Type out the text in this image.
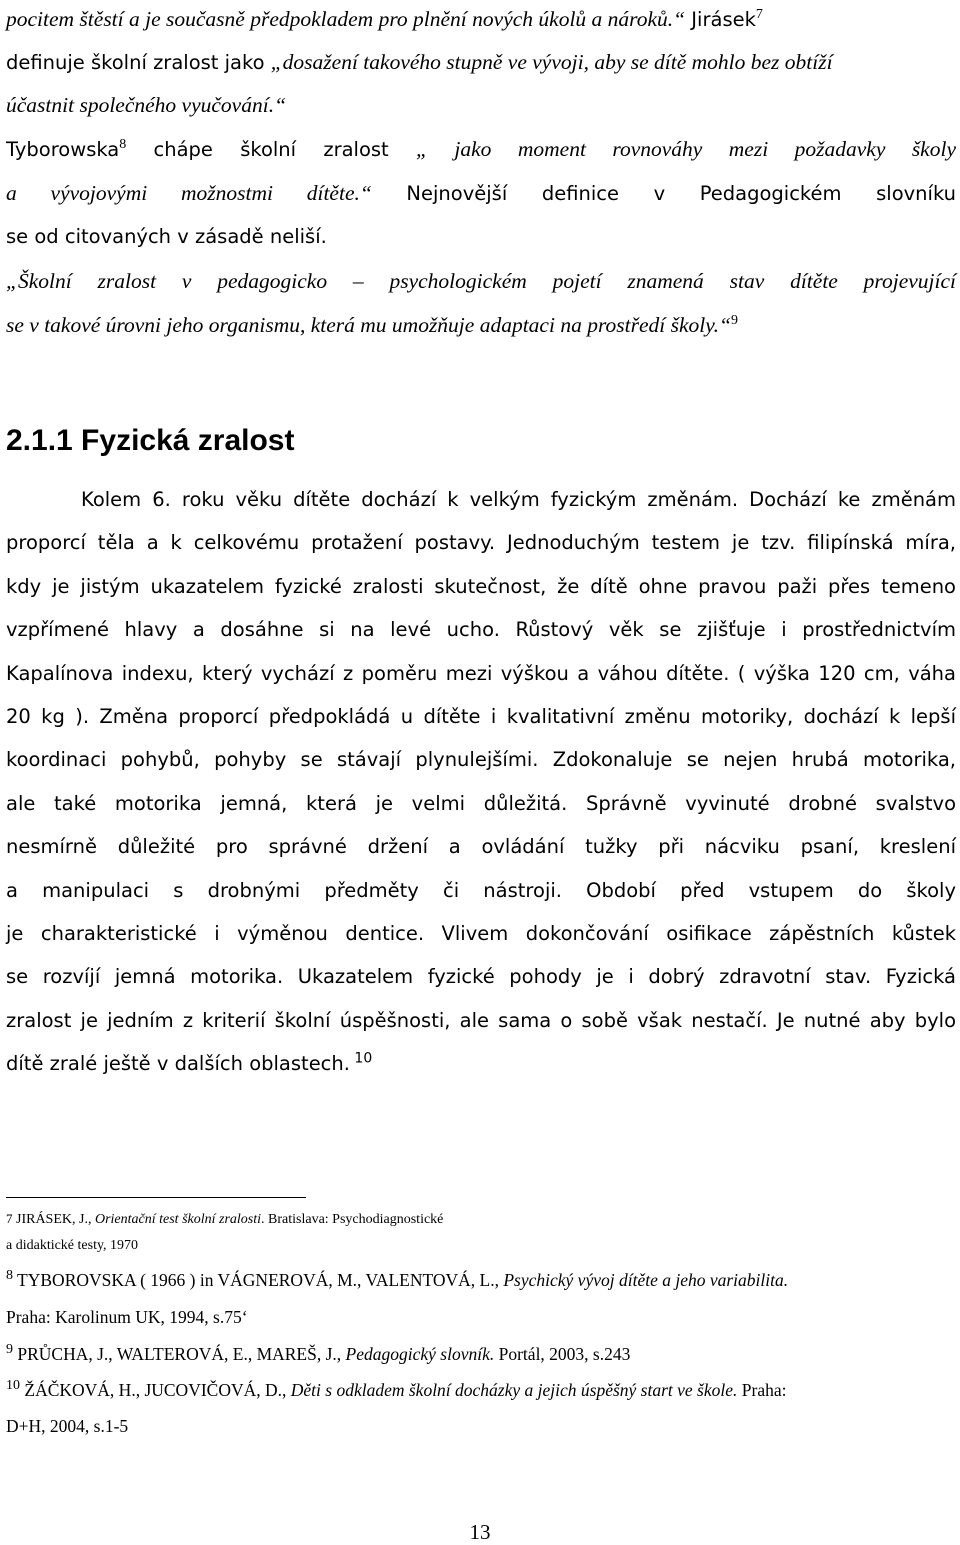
pocitem štěstí a je současně předpokladem pro plnění nových úkolů a nároků.“ Jirásek$^7$
definuje školní zralost jako „dosažení takového stupně ve vývoji, aby se dítě mohlo bez obtíží
účastnit společného vyučování.“
Tyborowska$^8$ chápe školní zralost „ jako moment rovnováhy mezi požadavky školy
a vývojovými možnostmi dítěte.“ Nejnovější definice v Pedagogickém slovníku
se od citovaných v zásadě neliší.
„Školní zralost v pedagogicko – psychologickém pojetí znamená stav dítěte projevující
se v takové úrovni jeho organismu, která mu umožňuje adaptaci na prostředí školy.“$^9$
2.1.1 Fyzická zralost
Kolem 6. roku věku dítěte dochází k velkým fyzickým změnám. Dochází ke změnám
proporcí těla a k celkovému protažení postavy. Jednoduchým testem je tzv. filipínská míra,
kdy je jistým ukazatelem fyzické zralosti skutečnost, že dítě ohne pravou paži přes temeno
vzpřímené hlavy a dosáhne si na levé ucho. Růstový věk se zjišťuje i prostřednictvím
Kapalínova indexu, který vychází z poměru mezi výškou a váhou dítěte. ( výška 120 cm, váha
20 kg ). Změna proporcí předpokládá u dítěte i kvalitativní změnu motoriky, dochází k lepší
koordinaci pohybů, pohyby se stávají plynulejšími. Zdokonaluje se nejen hrubá motorika,
ale také motorika jemná, která je velmi důležitá. Správně vyvinuté drobné svalstvo
nesmírně důležité pro správné držení a ovládání tužky při nácviku psaní, kreslení
a manipulaci s drobnými předměty či nástroji. Období před vstupem do školy
je charakteristické i výměnou dentice. Vlivem dokončování osifikace zápěstních kůstek
se rozvíjí jemná motorika. Ukazatelem fyzické pohody je i dobrý zdravotní stav. Fyzická
zralost je jedním z kriterií školní úspěšnosti, ale sama o sobě však nestačí. Je nutné aby bylo
dítě zralé ještě v dalších oblastech. $^{10}$
7 JIRÁSEK, J., Orientační test školní zralosti. Bratislava: Psychodiagnostické
a didaktické testy, 1970
$^8$ TYBOROVSKA ( 1966 ) in VÁGNEROVÁ, M., VALENTOVÁ, L., Psychický vývoj dítěte a jeho variabilita.
Praha: Karolinum UK, 1994, s.75‘
$^9$ PRŮCHA, J., WALTEROVÁ, E., MAREŠ, J., Pedagogický slovník. Portál, 2003, s.243
$^{10}$ ŽÁČKOVÁ, H., JUCOVIČOVÁ, D., Děti s odkladem školní docházky a jejich úspěšný start ve škole. Praha:
D+H, 2004, s.1-5
13
